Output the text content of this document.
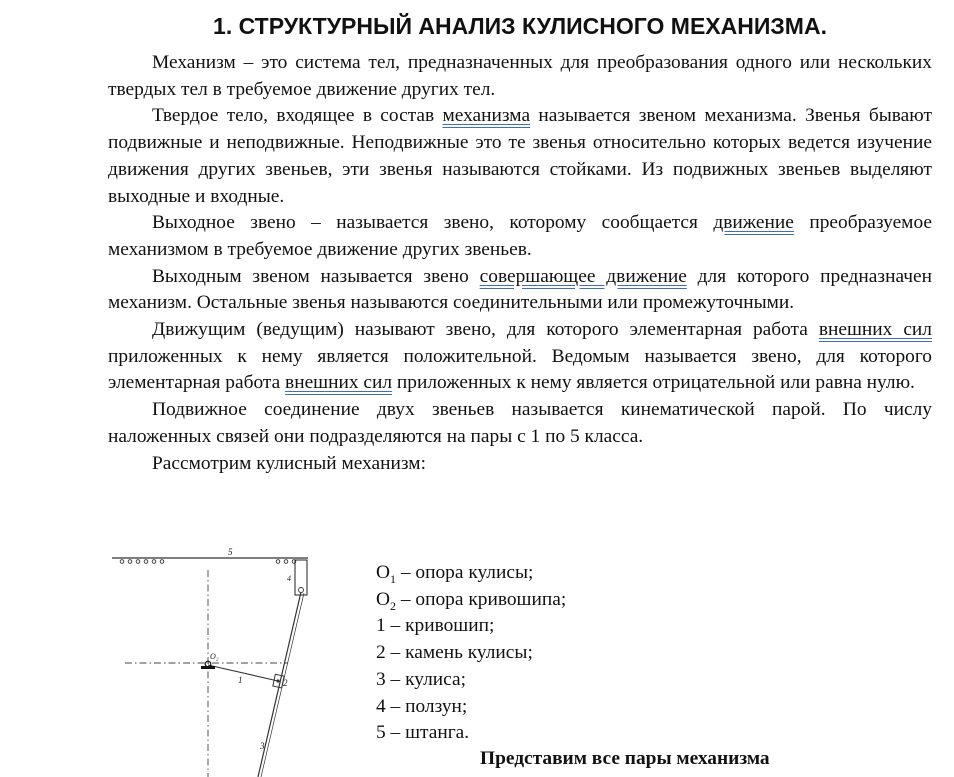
1. СТРУКТУРНЫЙ АНАЛИЗ КУЛИСНОГО МЕХАНИЗМА.

Механизм – это система тел, предназначенных для преобразования одного или нескольких твердых тел в требуемое движение других тел.

Твердое тело, входящее в состав механизма называется звеном механизма. Звенья бывают подвижные и неподвижные. Неподвижные это те звенья относительно которых ведется изучение движения других звеньев, эти звенья называются стойками. Из подвижных звеньев выделяют выходные и входные.

Выходное звено – называется звено, которому сообщается движение преобразуемое механизмом в требуемое движение других звеньев.

Выходным звеном называется звено совершающее движение для которого предназначен механизм. Остальные звенья называются соединительными или промежуточными.

Движущим (ведущим) называют звено, для которого элементарная работа внешних сил приложенных к нему является положительной. Ведомым называется звено, для которого элементарная работа внешних сил приложенных к нему является отрицательной или равна нулю.

Подвижное соединение двух звеньев называется кинематической парой. По числу наложенных связей они подразделяются на пары с 1 по 5 класса.

Рассмотрим кулисный механизм:

5
4
3
1	2
O₂
$O_1$ – опора кулисы;
$O_2$ – опора кривошипа;
1 – кривошип;
2 – камень кулисы;
3 – кулиса;
4 – ползун;
5 – штанга.

Представим все пары механизма
